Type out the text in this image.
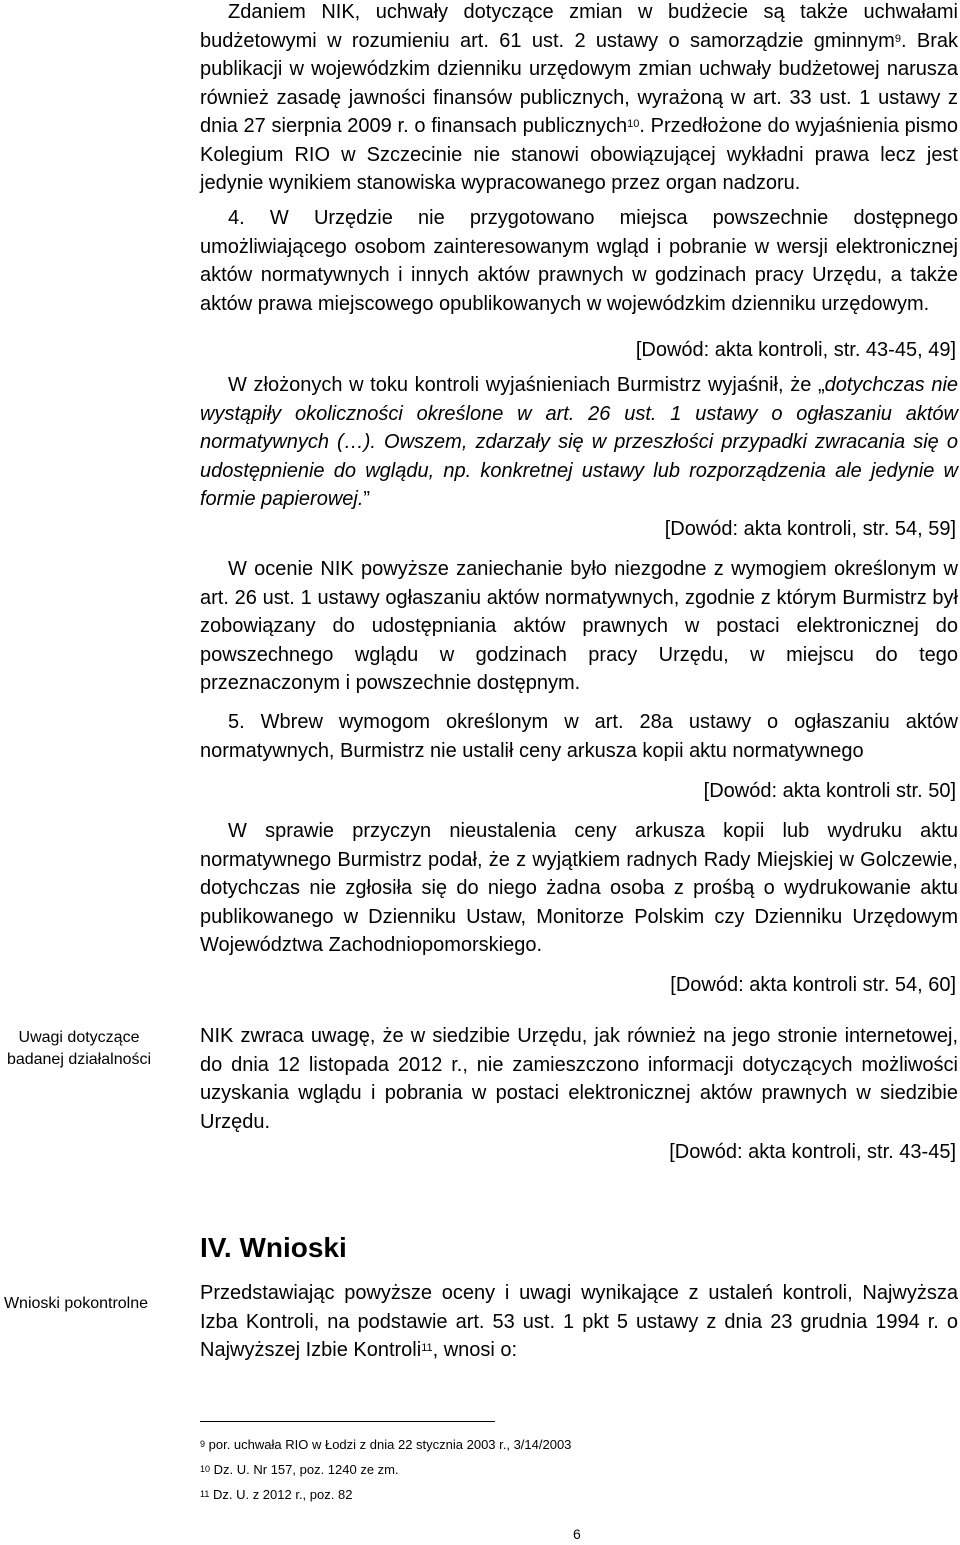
Zdaniem NIK, uchwały dotyczące zmian w budżecie są także uchwałami budżetowymi w rozumieniu art. 61 ust. 2 ustawy o samorządzie gminnym$^9$. Brak publikacji w wojewódzkim dzienniku urzędowym zmian uchwały budżetowej narusza również zasadę jawności finansów publicznych, wyrażoną w art. 33 ust. 1 ustawy z dnia 27 sierpnia 2009 r. o finansach publicznych$^{10}$. Przedłożone do wyjaśnienia pismo Kolegium RIO w Szczecinie nie stanowi obowiązującej wykładni prawa lecz jest jedynie wynikiem stanowiska wypracowanego przez organ nadzoru.

4. W Urzędzie nie przygotowano miejsca powszechnie dostępnego umożliwiającego osobom zainteresowanym wgląd i pobranie w wersji elektronicznej aktów normatywnych i innych aktów prawnych w godzinach pracy Urzędu, a także aktów prawa miejscowego opublikowanych w wojewódzkim dzienniku urzędowym.

[Dowód: akta kontroli, str. 43-45, 49]

W złożonych w toku kontroli wyjaśnieniach Burmistrz wyjaśnił, że „dotychczas nie wystąpiły okoliczności określone w art. 26 ust. 1 ustawy o ogłaszaniu aktów normatywnych (…). Owszem, zdarzały się w przeszłości przypadki zwracania się o udostępnienie do wglądu, np. konkretnej ustawy lub rozporządzenia ale jedynie w formie papierowej.”

[Dowód: akta kontroli, str. 54, 59]

W ocenie NIK powyższe zaniechanie było niezgodne z wymogiem określonym w art. 26 ust. 1 ustawy ogłaszaniu aktów normatywnych, zgodnie z którym Burmistrz był zobowiązany do udostępniania aktów prawnych w postaci elektronicznej do powszechnego wglądu w godzinach pracy Urzędu, w miejscu do tego przeznaczonym i powszechnie dostępnym.

5. Wbrew wymogom określonym w art. 28a ustawy o ogłaszaniu aktów normatywnych, Burmistrz nie ustalił ceny arkusza kopii aktu normatywnego

[Dowód: akta kontroli str. 50]

W sprawie przyczyn nieustalenia ceny arkusza kopii lub wydruku aktu normatywnego Burmistrz podał, że z wyjątkiem radnych Rady Miejskiej w Golczewie, dotychczas nie zgłosiła się do niego żadna osoba z prośbą o wydrukowanie aktu publikowanego w Dzienniku Ustaw, Monitorze Polskim czy Dzienniku Urzędowym Województwa Zachodniopomorskiego.

[Dowód: akta kontroli str. 54, 60]
Uwagi dotyczące
badanej działalności

NIK zwraca uwagę, że w siedzibie Urzędu, jak również na jego stronie internetowej, do dnia 12 listopada 2012 r., nie zamieszczono informacji dotyczących możliwości uzyskania wglądu i pobrania w postaci elektronicznej aktów prawnych w siedzibie Urzędu.

[Dowód: akta kontroli, str. 43-45]
IV. Wnioski
Wnioski pokontrolne	Przedstawiając powyższe oceny i uwagi wynikające z ustaleń kontroli, Najwyższa Izba Kontroli, na podstawie art. 53 ust. 1 pkt 5 ustawy z dnia 23 grudnia 1994 r. o Najwyższej Izbie Kontroli$^{11}$, wnosi o:

$^9$ por. uchwała RIO w Łodzi z dnia 22 stycznia 2003 r., 3/14/2003
$^{10}$ Dz. U. Nr 157, poz. 1240 ze zm.
$^{11}$ Dz. U. z 2012 r., poz. 82
6
